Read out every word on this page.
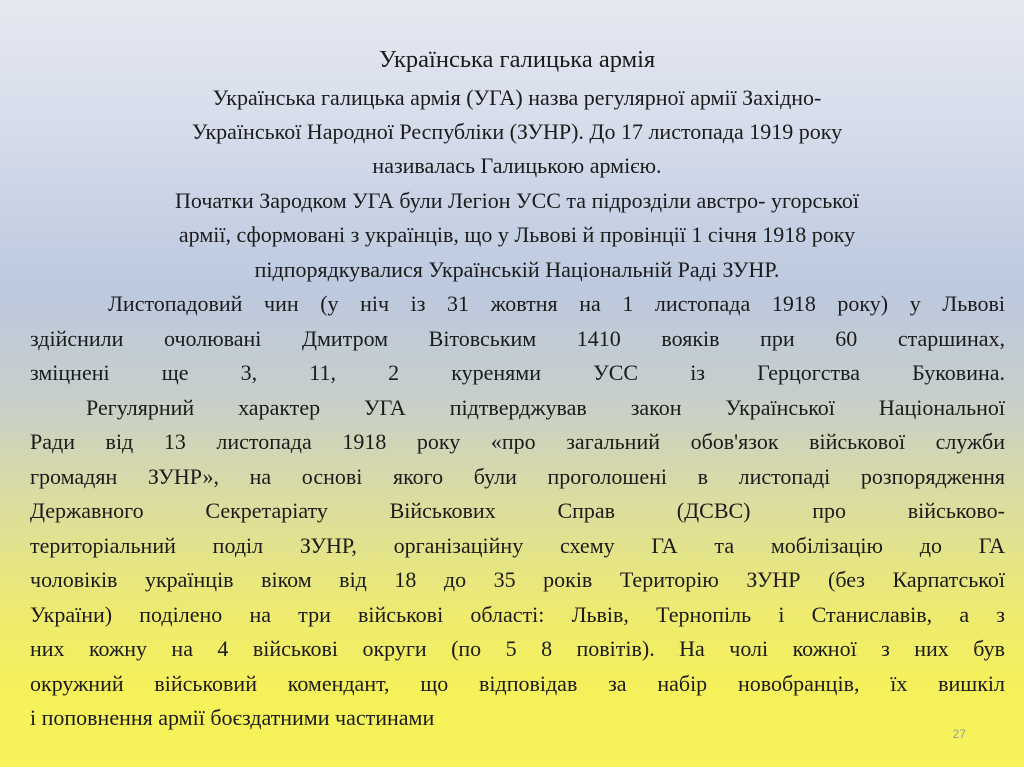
Українська галицька армія

Українська галицька армія (УГА) назва регулярної армії Західно-

Української Народної Республіки (ЗУНР). До 17 листопада 1919 року

називалась Галицькою армією.

Початки Зародком УГА були Легіон УСС та підрозділи австро- угорської

армії, сформовані з українців, що у Львові й провінції 1 січня 1918 року

підпорядкувалися Українській Національній Раді ЗУНР.

Листопадовий чин (у ніч із 31 жовтня на 1 листопада 1918 року) у Львові

здійснили очолювані Дмитром Вітовським 1410 вояків при 60 старшинах,

зміцнені ще 3, 11, 2 куренями УСС із Герцогства Буковина.

Регулярний характер УГА підтверджував закон Української Національної

Ради від 13 листопада 1918 року «про загальний обов'язок військової служби

громадян ЗУНР», на основі якого були проголошені в листопаді розпорядження

Державного Секретаріату Військових Справ (ДСВС) про військово-

територіальний поділ ЗУНР, організаційну схему ГА та мобілізацію до ГА

чоловіків українців віком від 18 до 35 років Територію ЗУНР (без Карпатської

України) поділено на три військові області: Львів, Тернопіль і Станиславів, а з

них кожну на 4 військові округи (по 5 8 повітів). На чолі кожної з них був

окружний військовий комендант, що відповідав за набір новобранців, їх вишкіл

і поповнення армії боєздатними частинами

27
